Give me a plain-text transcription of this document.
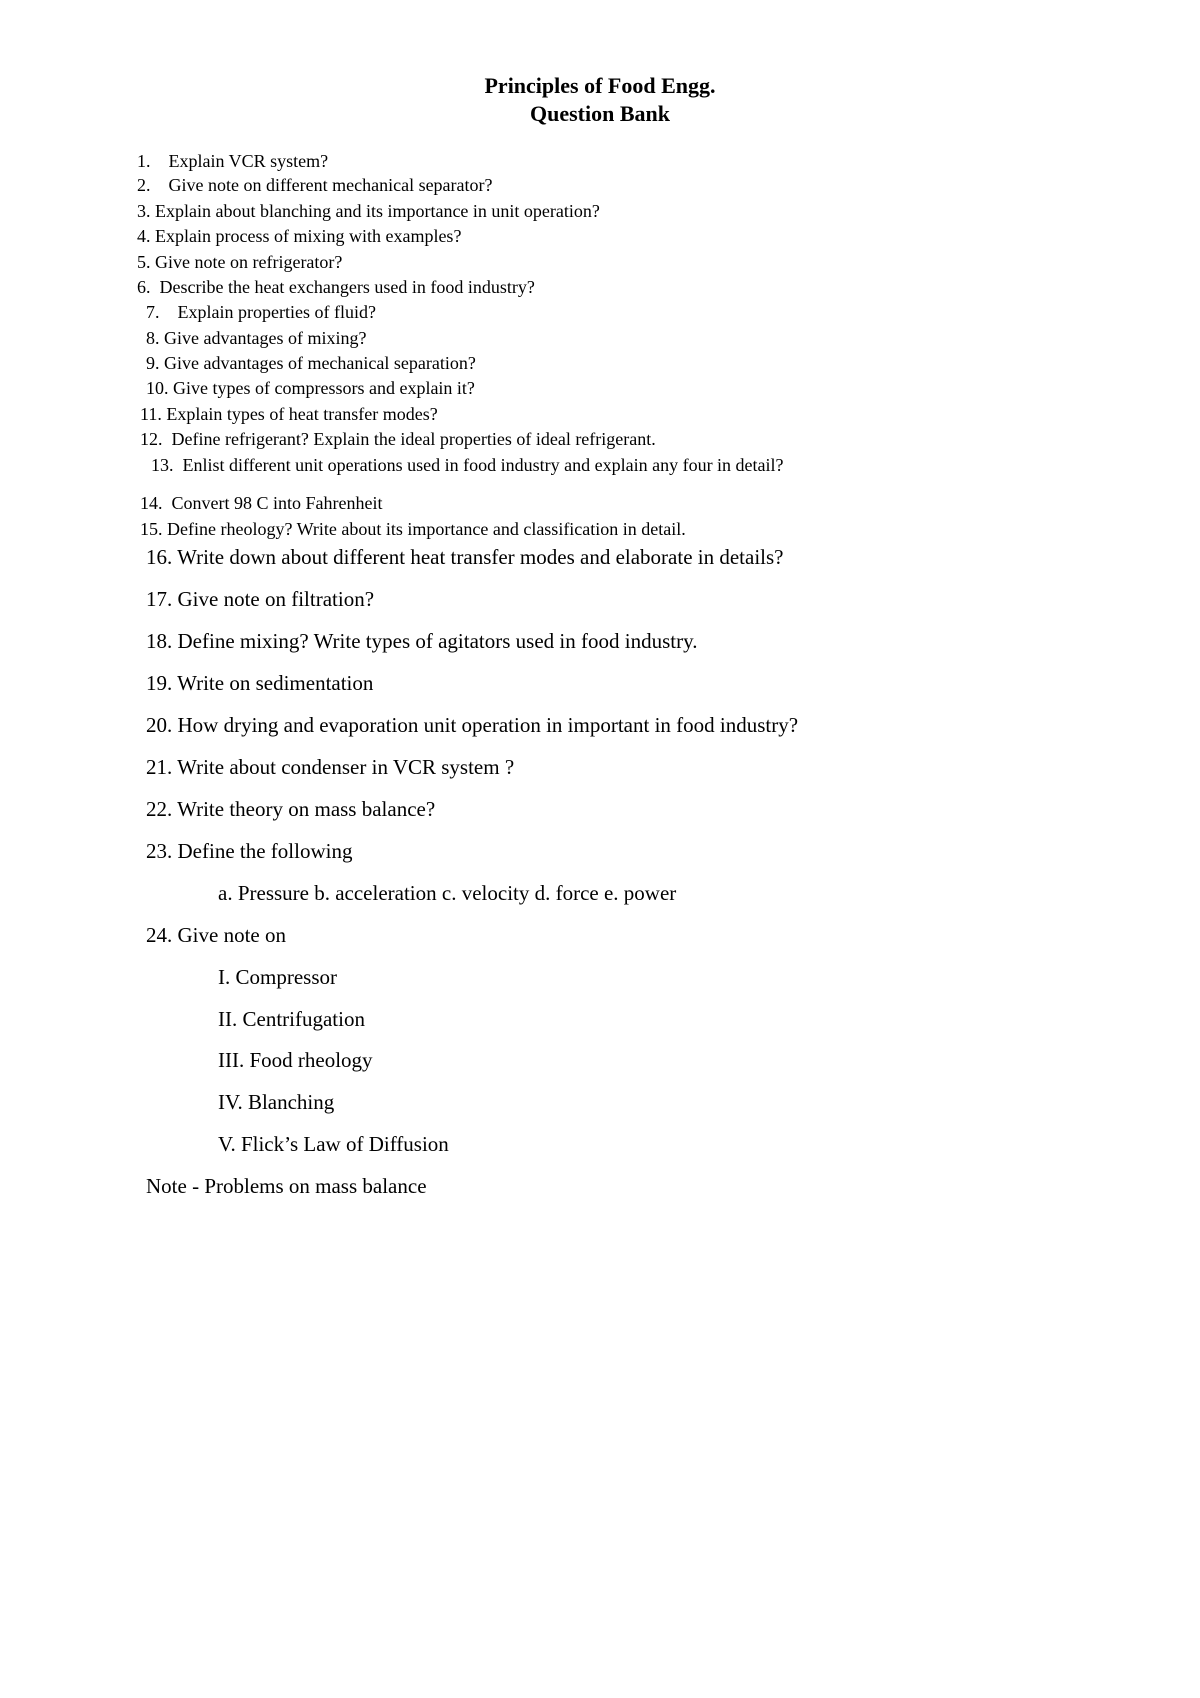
Principles of Food Engg.
Question Bank
1.    Explain VCR system?
2.    Give note on different mechanical separator?
3. Explain about blanching and its importance in unit operation?
4. Explain process of mixing with examples?
5. Give note on refrigerator?
6.  Describe the heat exchangers used in food industry?
7.    Explain properties of fluid?
8. Give advantages of mixing?
9. Give advantages of mechanical separation?
10. Give types of compressors and explain it?
11. Explain types of heat transfer modes?
12.  Define refrigerant? Explain the ideal properties of ideal refrigerant.
13.  Enlist different unit operations used in food industry and explain any four in detail?
14.  Convert 98 C into Fahrenheit
15. Define rheology? Write about its importance and classification in detail.
16. Write down about different heat transfer modes and elaborate in details?
17. Give note on filtration?
18. Define mixing? Write types of agitators used in food industry.
19. Write on sedimentation
20. How drying and evaporation unit operation in important in food industry?
21. Write about condenser in VCR system ?
22. Write theory on mass balance?
23. Define the following
a. Pressure b. acceleration c. velocity d. force e. power
24. Give note on
I. Compressor
II. Centrifugation
III. Food rheology
IV. Blanching
V. Flick’s Law of Diffusion
Note - Problems on mass balance
